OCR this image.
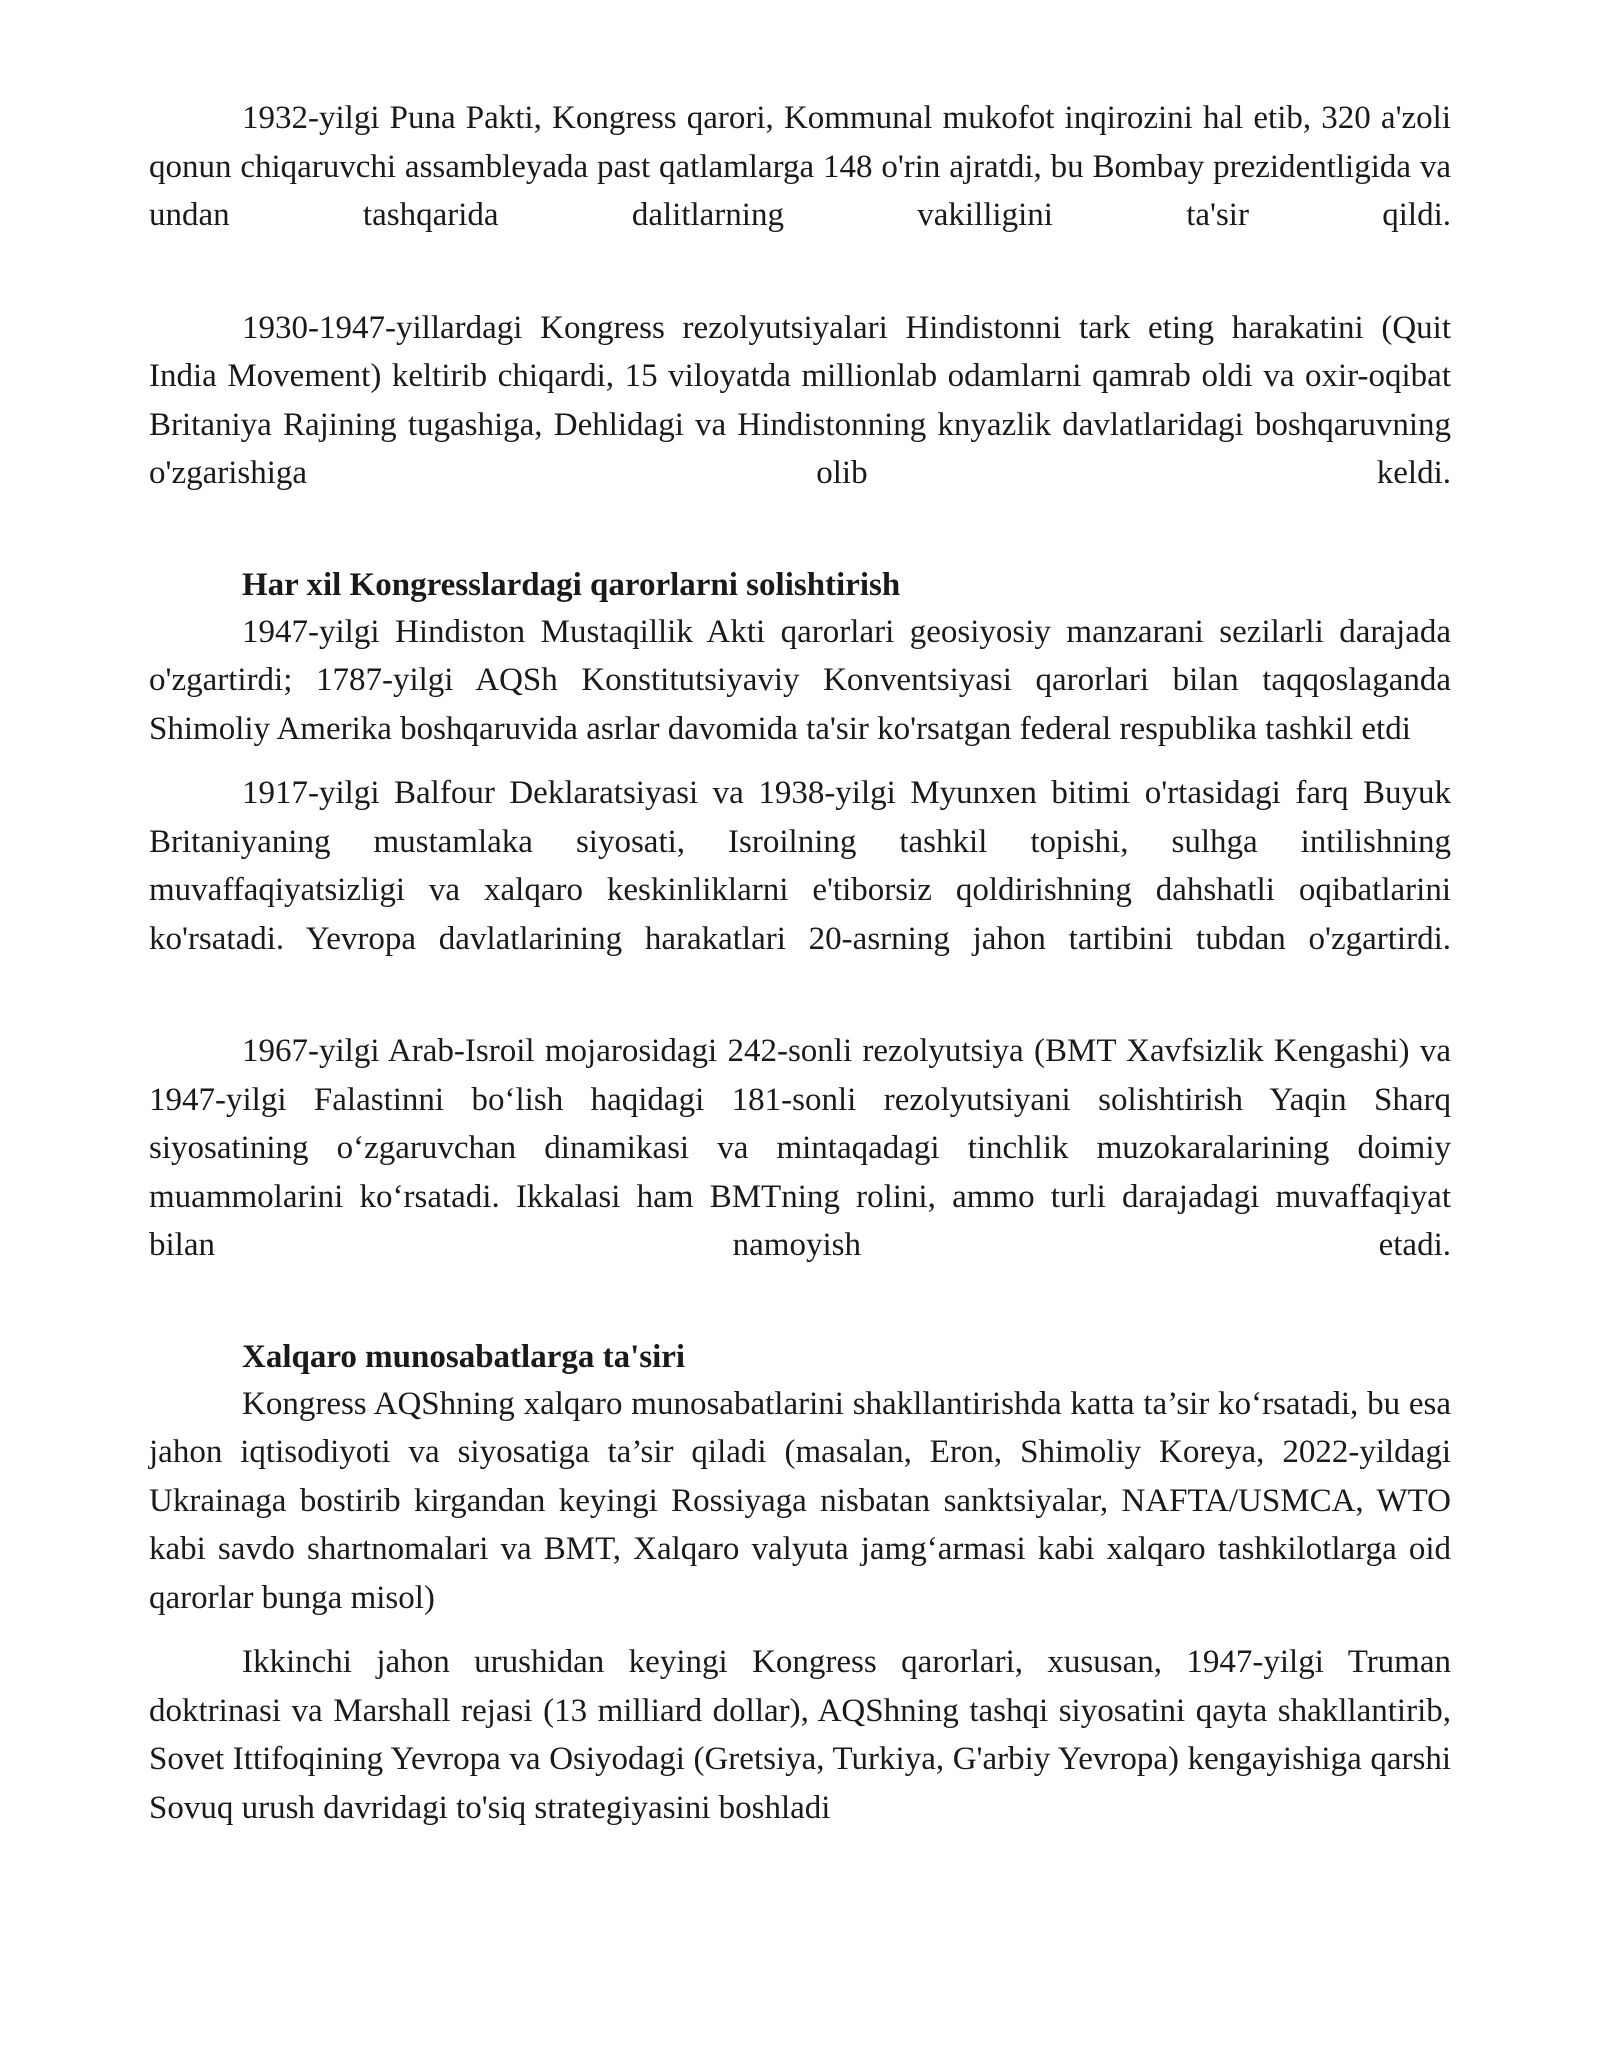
1932-yilgi Puna Pakti, Kongress qarori, Kommunal mukofot inqirozini hal etib, 320 a'zoli qonun chiqaruvchi assambleyada past qatlamlarga 148 o'rin ajratdi, bu Bombay prezidentligida va undan tashqarida dalitlarning vakilligini ta'sir qildi.

1930-1947-yillardagi Kongress rezolyutsiyalari Hindistonni tark eting harakatini (Quit India Movement) keltirib chiqardi, 15 viloyatda millionlab odamlarni qamrab oldi va oxir-oqibat Britaniya Rajining tugashiga, Dehlidagi va Hindistonning knyazlik davlatlaridagi boshqaruvning o'zgarishiga olib keldi.

Har xil Kongresslardagi qarorlarni solishtirish

1947-yilgi Hindiston Mustaqillik Akti qarorlari geosiyosiy manzarani sezilarli darajada o'zgartirdi; 1787-yilgi AQSh Konstitutsiyaviy Konventsiyasi qarorlari bilan taqqoslaganda Shimoliy Amerika boshqaruvida asrlar davomida ta'sir ko'rsatgan federal respublika tashkil etdi

1917-yilgi Balfour Deklaratsiyasi va 1938-yilgi Myunxen bitimi o'rtasidagi farq Buyuk Britaniyaning mustamlaka siyosati, Isroilning tashkil topishi, sulhga intilishning muvaffaqiyatsizligi va xalqaro keskinliklarni e'tiborsiz qoldirishning dahshatli oqibatlarini ko'rsatadi. Yevropa davlatlarining harakatlari 20-asrning jahon tartibini tubdan o'zgartirdi.

1967-yilgi Arab-Isroil mojarosidagi 242-sonli rezolyutsiya (BMT Xavfsizlik Kengashi) va 1947-yilgi Falastinni bo‘lish haqidagi 181-sonli rezolyutsiyani solishtirish Yaqin Sharq siyosatining o‘zgaruvchan dinamikasi va mintaqadagi tinchlik muzokaralarining doimiy muammolarini ko‘rsatadi. Ikkalasi ham BMTning rolini, ammo turli darajadagi muvaffaqiyat bilan namoyish etadi.

Xalqaro munosabatlarga ta'siri

Kongress AQShning xalqaro munosabatlarini shakllantirishda katta ta’sir ko‘rsatadi, bu esa jahon iqtisodiyoti va siyosatiga ta’sir qiladi (masalan, Eron, Shimoliy Koreya, 2022-yildagi Ukrainaga bostirib kirgandan keyingi Rossiyaga nisbatan sanktsiyalar, NAFTA/USMCA, WTO kabi savdo shartnomalari va BMT, Xalqaro valyuta jamg‘armasi kabi xalqaro tashkilotlarga oid qarorlar bunga misol)

Ikkinchi jahon urushidan keyingi Kongress qarorlari, xususan, 1947-yilgi Truman doktrinasi va Marshall rejasi (13 milliard dollar), AQShning tashqi siyosatini qayta shakllantirib, Sovet Ittifoqining Yevropa va Osiyodagi (Gretsiya, Turkiya, G'arbiy Yevropa) kengayishiga qarshi Sovuq urush davridagi to'siq strategiyasini boshladi
